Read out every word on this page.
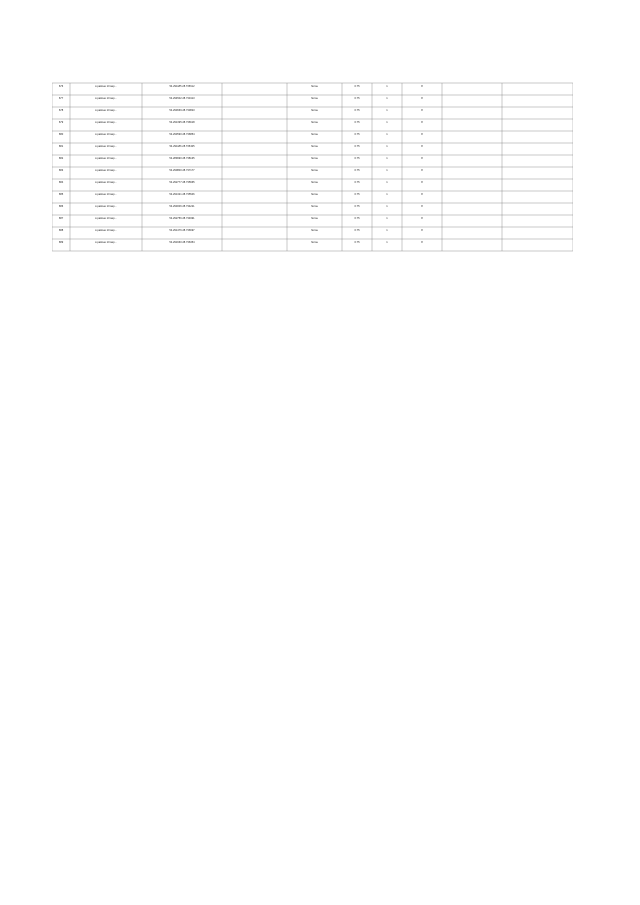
676	в районе 10 мкр...	54.291185 28.735612	бетон	0.75	1	8
677	в районе 10 мкр...	54.294502 28.733413	бетон	0.75	1	8
678	в районе 10 мкр...	54.293669 28.733823	бетон	0.75	1	8
679	в районе 10 мкр...	54.291395 28.736618	бетон	0.75	1	8
680	в районе 10 мкр...	54.293590 28.736854	бетон	0.75	1	8
681	в районе 10 мкр...	54.291186 28.735435	бетон	0.75	1	8
682	в районе 10 мкр...	54.289990 28.738135	бетон	0.75	1	8
683	в районе 10 мкр...	54.290800 28.737177	бетон	0.75	1	8
684	в районе 10 мкр...	54.292777 28.735665	бетон	0.75	1	8
685	в районе 10 мкр...	54.291321 28.735546	бетон	0.75	1	8
686	в районе 10 мкр...	54.293006 28.734221	бетон	0.75	1	8
687	в районе 10 мкр...	54.292756 28.734991	бетон	0.75	1	8
688	в районе 10 мкр...	54.291476 28.736697	бетон	0.75	1	8
689	в районе 10 мкр...	54.291660 28.736354	бетон	0.75	1	8
